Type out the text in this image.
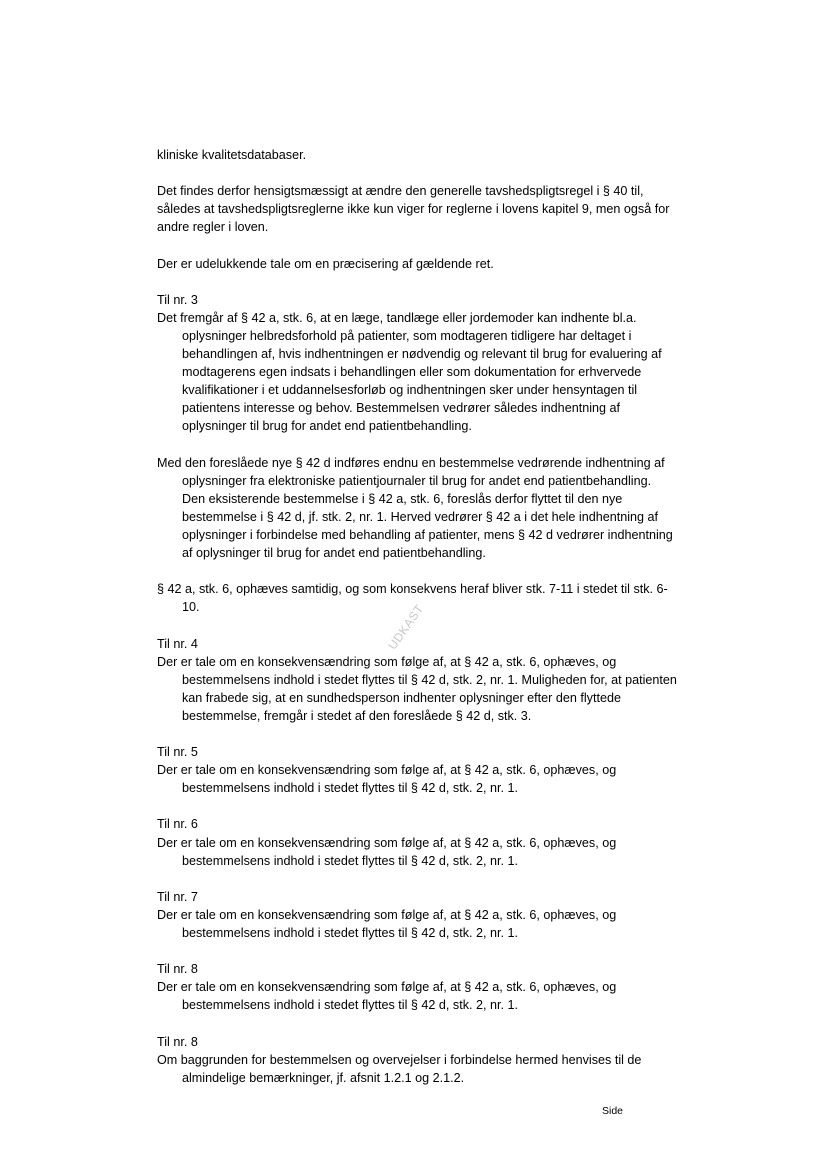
kliniske kvalitetsdatabaser.

Det findes derfor hensigtsmæssigt at ændre den generelle tavshedspligtsregel i § 40 til, således at tavshedspligtsreglerne ikke kun viger for reglerne i lovens kapitel 9, men også for andre regler i loven.

Der er udelukkende tale om en præcisering af gældende ret.

Til nr. 3

Det fremgår af § 42 a, stk. 6, at en læge, tandlæge eller jordemoder kan indhente bl.a. oplysninger helbredsforhold på patienter, som modtageren tidligere har deltaget i behandlingen af, hvis indhentningen er nødvendig og relevant til brug for evaluering af modtagerens egen indsats i behandlingen eller som dokumentation for erhvervede kvalifikationer i et uddannelsesforløb og indhentningen sker under hensyntagen til patientens interesse og behov. Bestemmelsen vedrører således indhentning af oplysninger til brug for andet end patientbehandling.

Med den foreslåede nye § 42 d indføres endnu en bestemmelse vedrørende indhentning af oplysninger fra elektroniske patientjournaler til brug for andet end patientbehandling. Den eksisterende bestemmelse i § 42 a, stk. 6, foreslås derfor flyttet til den nye bestemmelse i § 42 d, jf. stk. 2, nr. 1. Herved vedrører § 42 a i det hele indhentning af oplysninger i forbindelse med behandling af patienter, mens § 42 d vedrører indhentning af oplysninger til brug for andet end patientbehandling.

§ 42 a, stk. 6, ophæves samtidig, og som konsekvens heraf bliver stk. 7-11 i stedet til stk. 6-10.

Til nr. 4

Der er tale om en konsekvensændring som følge af, at § 42 a, stk. 6, ophæves, og bestemmelsens indhold i stedet flyttes til § 42 d, stk. 2, nr. 1. Muligheden for, at patienten kan frabede sig, at en sundhedsperson indhenter oplysninger efter den flyttede bestemmelse, fremgår i stedet af den foreslåede § 42 d, stk. 3.

Til nr. 5

Der er tale om en konsekvensændring som følge af, at § 42 a, stk. 6, ophæves, og bestemmelsens indhold i stedet flyttes til § 42 d, stk. 2, nr. 1.

Til nr. 6

Der er tale om en konsekvensændring som følge af, at § 42 a, stk. 6, ophæves, og bestemmelsens indhold i stedet flyttes til § 42 d, stk. 2, nr. 1.

Til nr. 7

Der er tale om en konsekvensændring som følge af, at § 42 a, stk. 6, ophæves, og bestemmelsens indhold i stedet flyttes til § 42 d, stk. 2, nr. 1.

Til nr. 8

Der er tale om en konsekvensændring som følge af, at § 42 a, stk. 6, ophæves, og bestemmelsens indhold i stedet flyttes til § 42 d, stk. 2, nr. 1.

Til nr. 8

Om baggrunden for bestemmelsen og overvejelser i forbindelse hermed henvises til de almindelige bemærkninger, jf. afsnit 1.2.1 og 2.1.2.

UDKAST
Side
